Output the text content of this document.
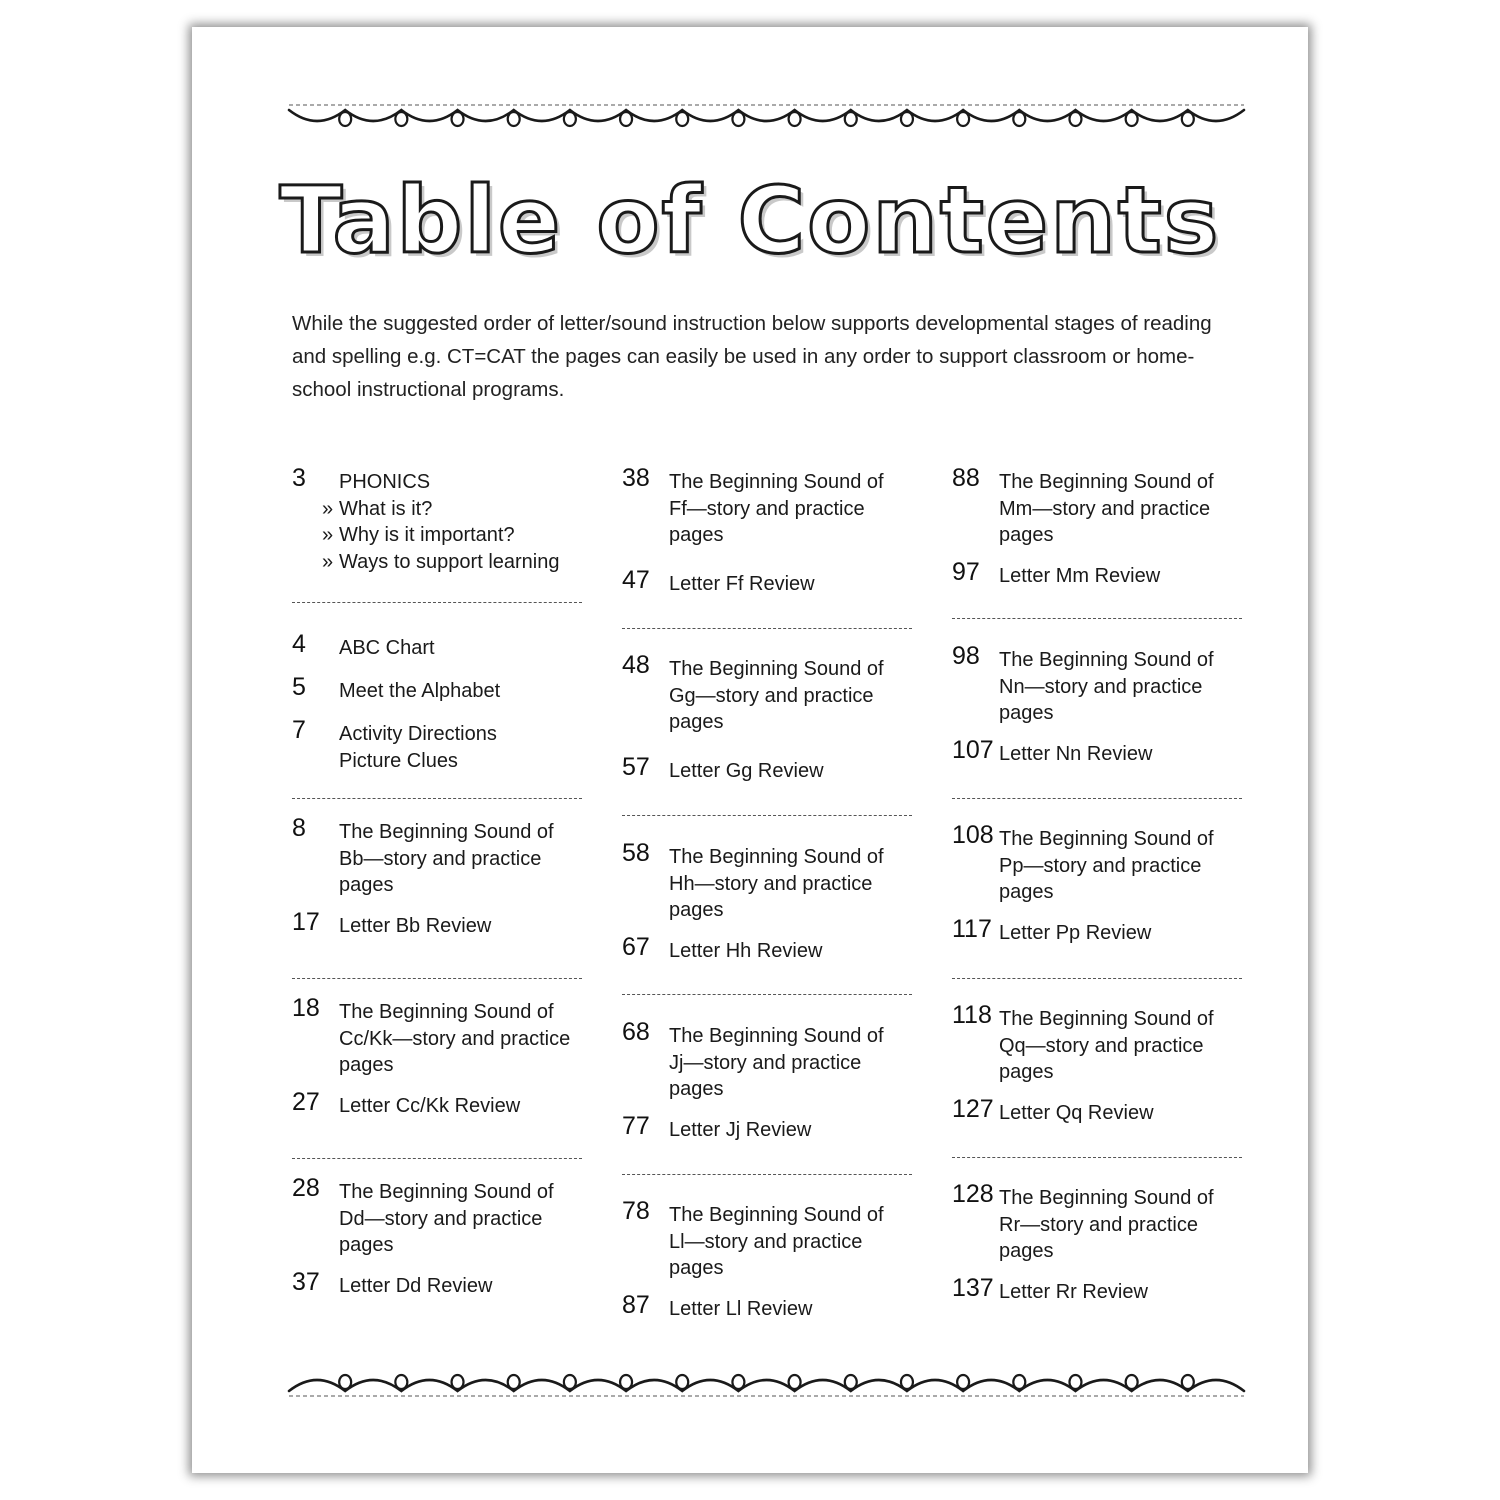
Table of Contents

While the suggested order of letter/sound instruction below supports developmental stages of reading and spelling e.g. CT=CAT the pages can easily be used in any order to support classroom or home-school instructional programs.

3 PHONICS
» What is it?
» Why is it important?
» Ways to support learning
4 ABC Chart
5 Meet the Alphabet
7 Activity Directions
Picture Clues
8 The Beginning Sound of
Bb—story and practice
pages
17 Letter Bb Review
18 The Beginning Sound of
Cc/Kk—story and practice
pages
27 Letter Cc/Kk Review
28 The Beginning Sound of
Dd—story and practice
pages
37 Letter Dd Review
38 The Beginning Sound of
Ff—story and practice
pages
47 Letter Ff Review
48 The Beginning Sound of
Gg—story and practice
pages
57 Letter Gg Review
58 The Beginning Sound of
Hh—story and practice
pages
67 Letter Hh Review
68 The Beginning Sound of
Jj—story and practice
pages
77 Letter Jj Review
78 The Beginning Sound of
Ll—story and practice
pages
87 Letter Ll Review
88 The Beginning Sound of
Mm—story and practice
pages
97 Letter Mm Review
98 The Beginning Sound of
Nn—story and practice
pages
107 Letter Nn Review
108 The Beginning Sound of
Pp—story and practice
pages
117 Letter Pp Review
118 The Beginning Sound of
Qq—story and practice
pages
127 Letter Qq Review
128 The Beginning Sound of
Rr—story and practice
pages
137 Letter Rr Review
